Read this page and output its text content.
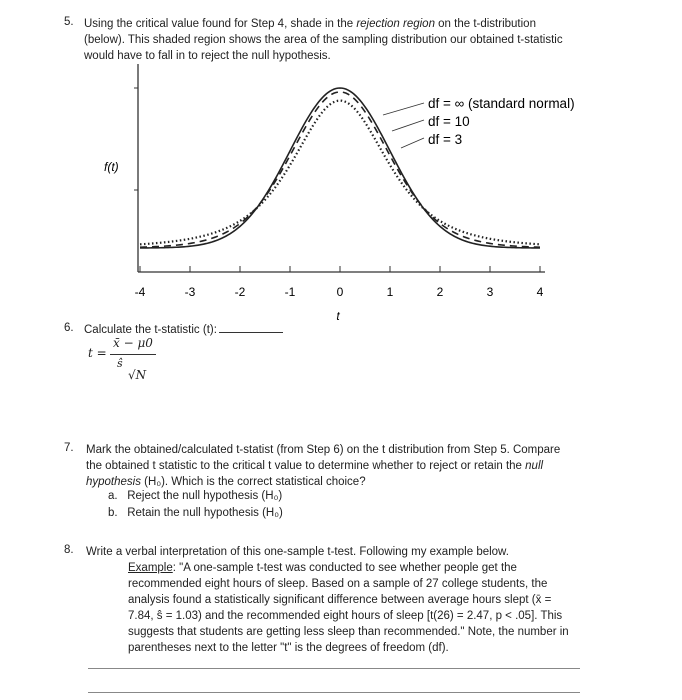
5. Using the critical value found for Step 4, shade in the rejection region on the t-distribution
(below). This shaded region shows the area of the sampling distribution our obtained t-statistic
would have to fall in to reject the null hypothesis.
-4	-3	-2	-1	0	1	2	3	4
f(t)
t
df = ∞ (standard normal)
df = 10
df = 3
6. Calculate the t-statistic (t):
t =
x̄ − μ0
ŝ
√N
7. Mark the obtained/calculated t-statist (from Step 6) on the t distribution from Step 5. Compare
the obtained t statistic to the critical t value to determine whether to reject or retain the null
hypothesis (H₀). Which is the correct statistical choice?
a. Reject the null hypothesis (H₀)
b. Retain the null hypothesis (H₀)
8. Write a verbal interpretation of this one-sample t-test. Following my example below.
Example: "A one-sample t-test was conducted to see whether people get the
recommended eight hours of sleep. Based on a sample of 27 college students, the
analysis found a statistically significant difference between average hours slept (x̄ =
7.84, ŝ = 1.03) and the recommended eight hours of sleep [t(26) = 2.47, p < .05]. This
suggests that students are getting less sleep than recommended." Note, the number in
parentheses next to the letter "t" is the degrees of freedom (df).
